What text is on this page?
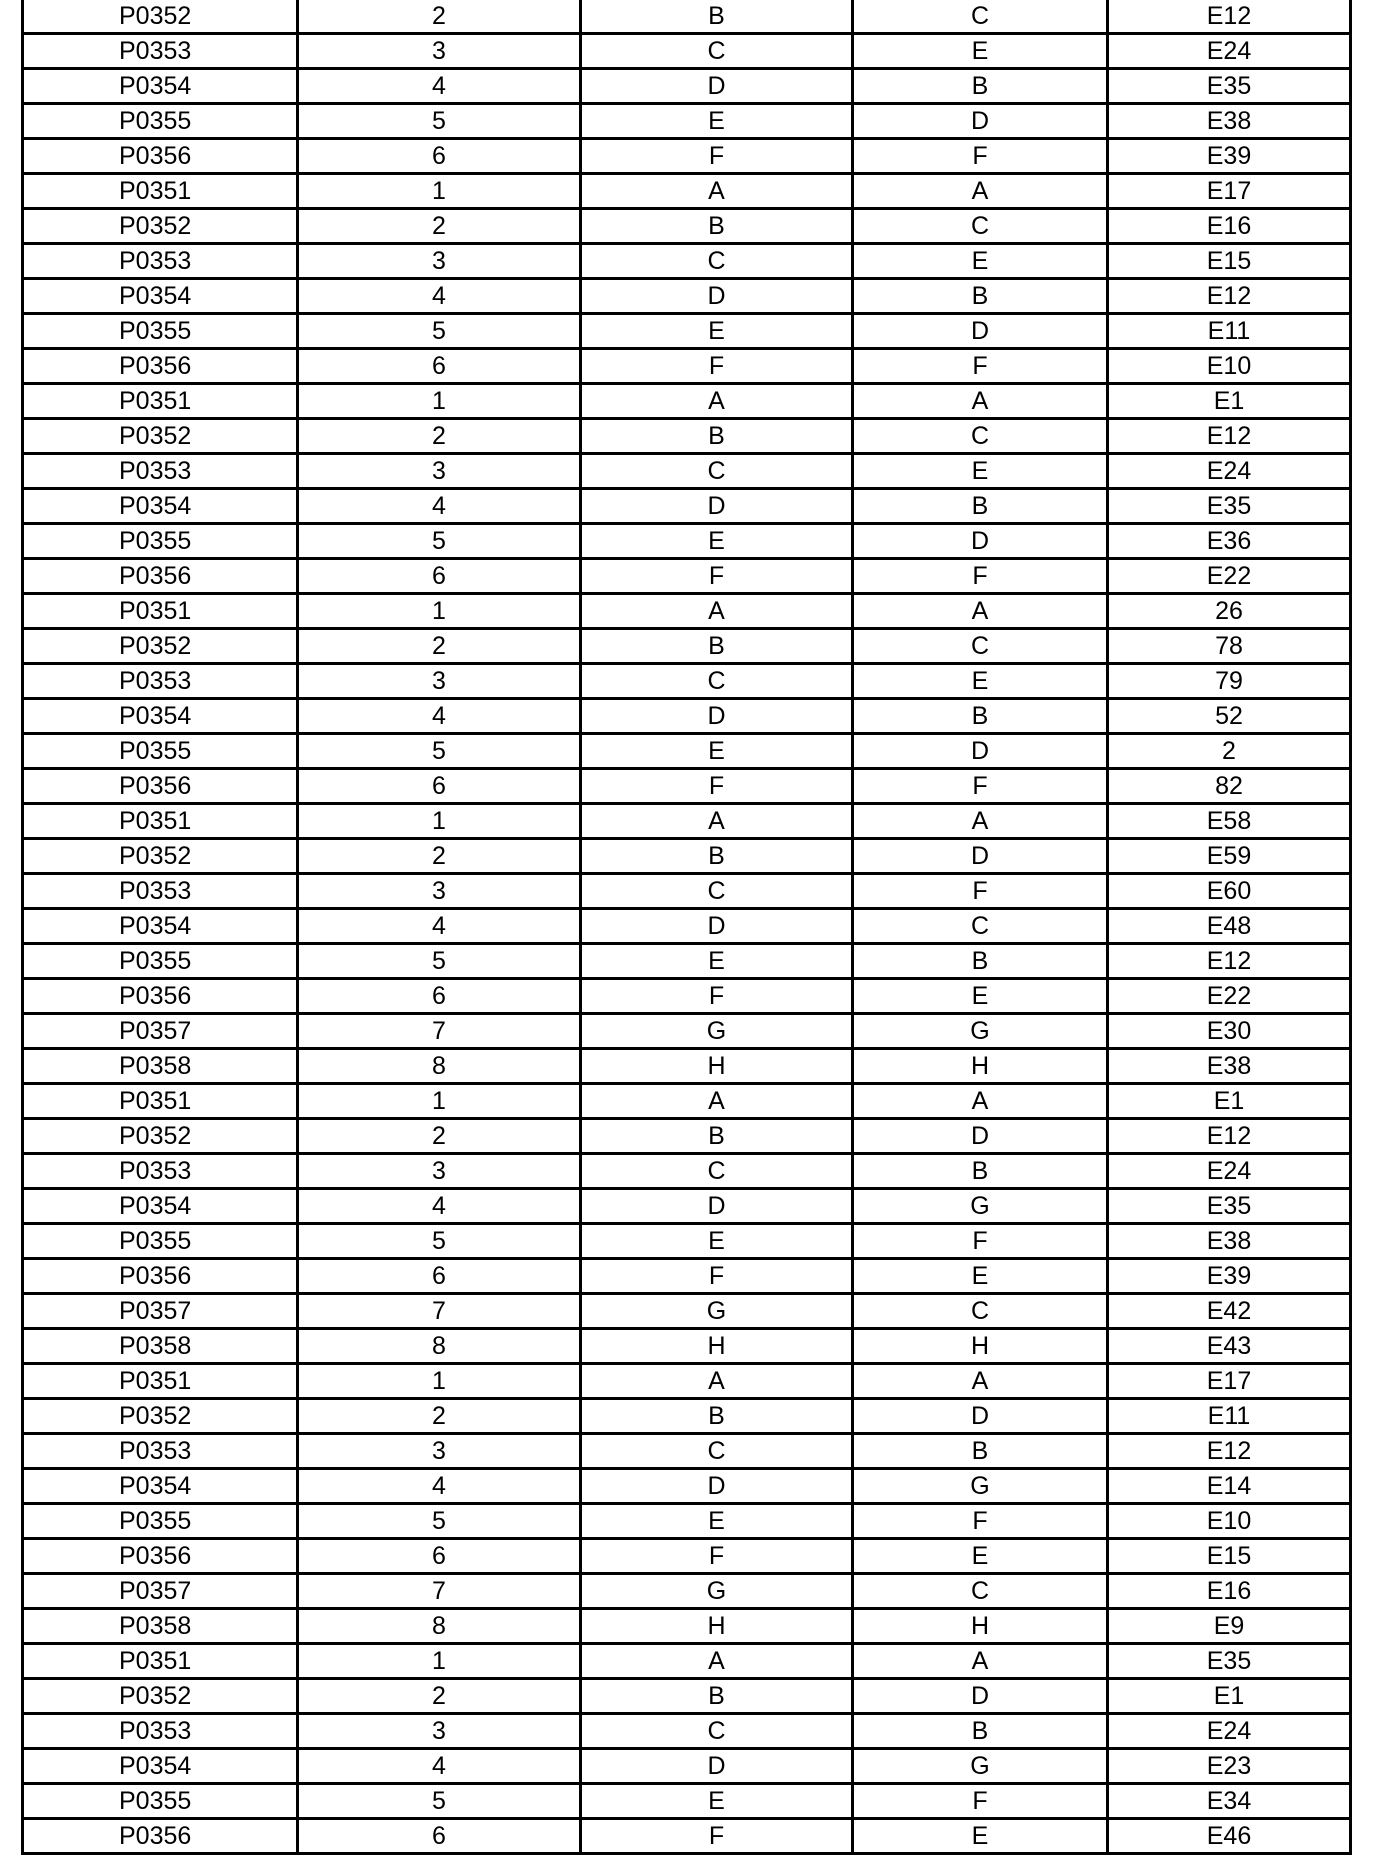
P0352	2	B	C	E12
P0353	3	C	E	E24
P0354	4	D	B	E35
P0355	5	E	D	E38
P0356	6	F	F	E39
P0351	1	A	A	E17
P0352	2	B	C	E16
P0353	3	C	E	E15
P0354	4	D	B	E12
P0355	5	E	D	E11
P0356	6	F	F	E10
P0351	1	A	A	E1
P0352	2	B	C	E12
P0353	3	C	E	E24
P0354	4	D	B	E35
P0355	5	E	D	E36
P0356	6	F	F	E22
P0351	1	A	A	26
P0352	2	B	C	78
P0353	3	C	E	79
P0354	4	D	B	52
P0355	5	E	D	2
P0356	6	F	F	82
P0351	1	A	A	E58
P0352	2	B	D	E59
P0353	3	C	F	E60
P0354	4	D	C	E48
P0355	5	E	B	E12
P0356	6	F	E	E22
P0357	7	G	G	E30
P0358	8	H	H	E38
P0351	1	A	A	E1
P0352	2	B	D	E12
P0353	3	C	B	E24
P0354	4	D	G	E35
P0355	5	E	F	E38
P0356	6	F	E	E39
P0357	7	G	C	E42
P0358	8	H	H	E43
P0351	1	A	A	E17
P0352	2	B	D	E11
P0353	3	C	B	E12
P0354	4	D	G	E14
P0355	5	E	F	E10
P0356	6	F	E	E15
P0357	7	G	C	E16
P0358	8	H	H	E9
P0351	1	A	A	E35
P0352	2	B	D	E1
P0353	3	C	B	E24
P0354	4	D	G	E23
P0355	5	E	F	E34
P0356	6	F	E	E46
